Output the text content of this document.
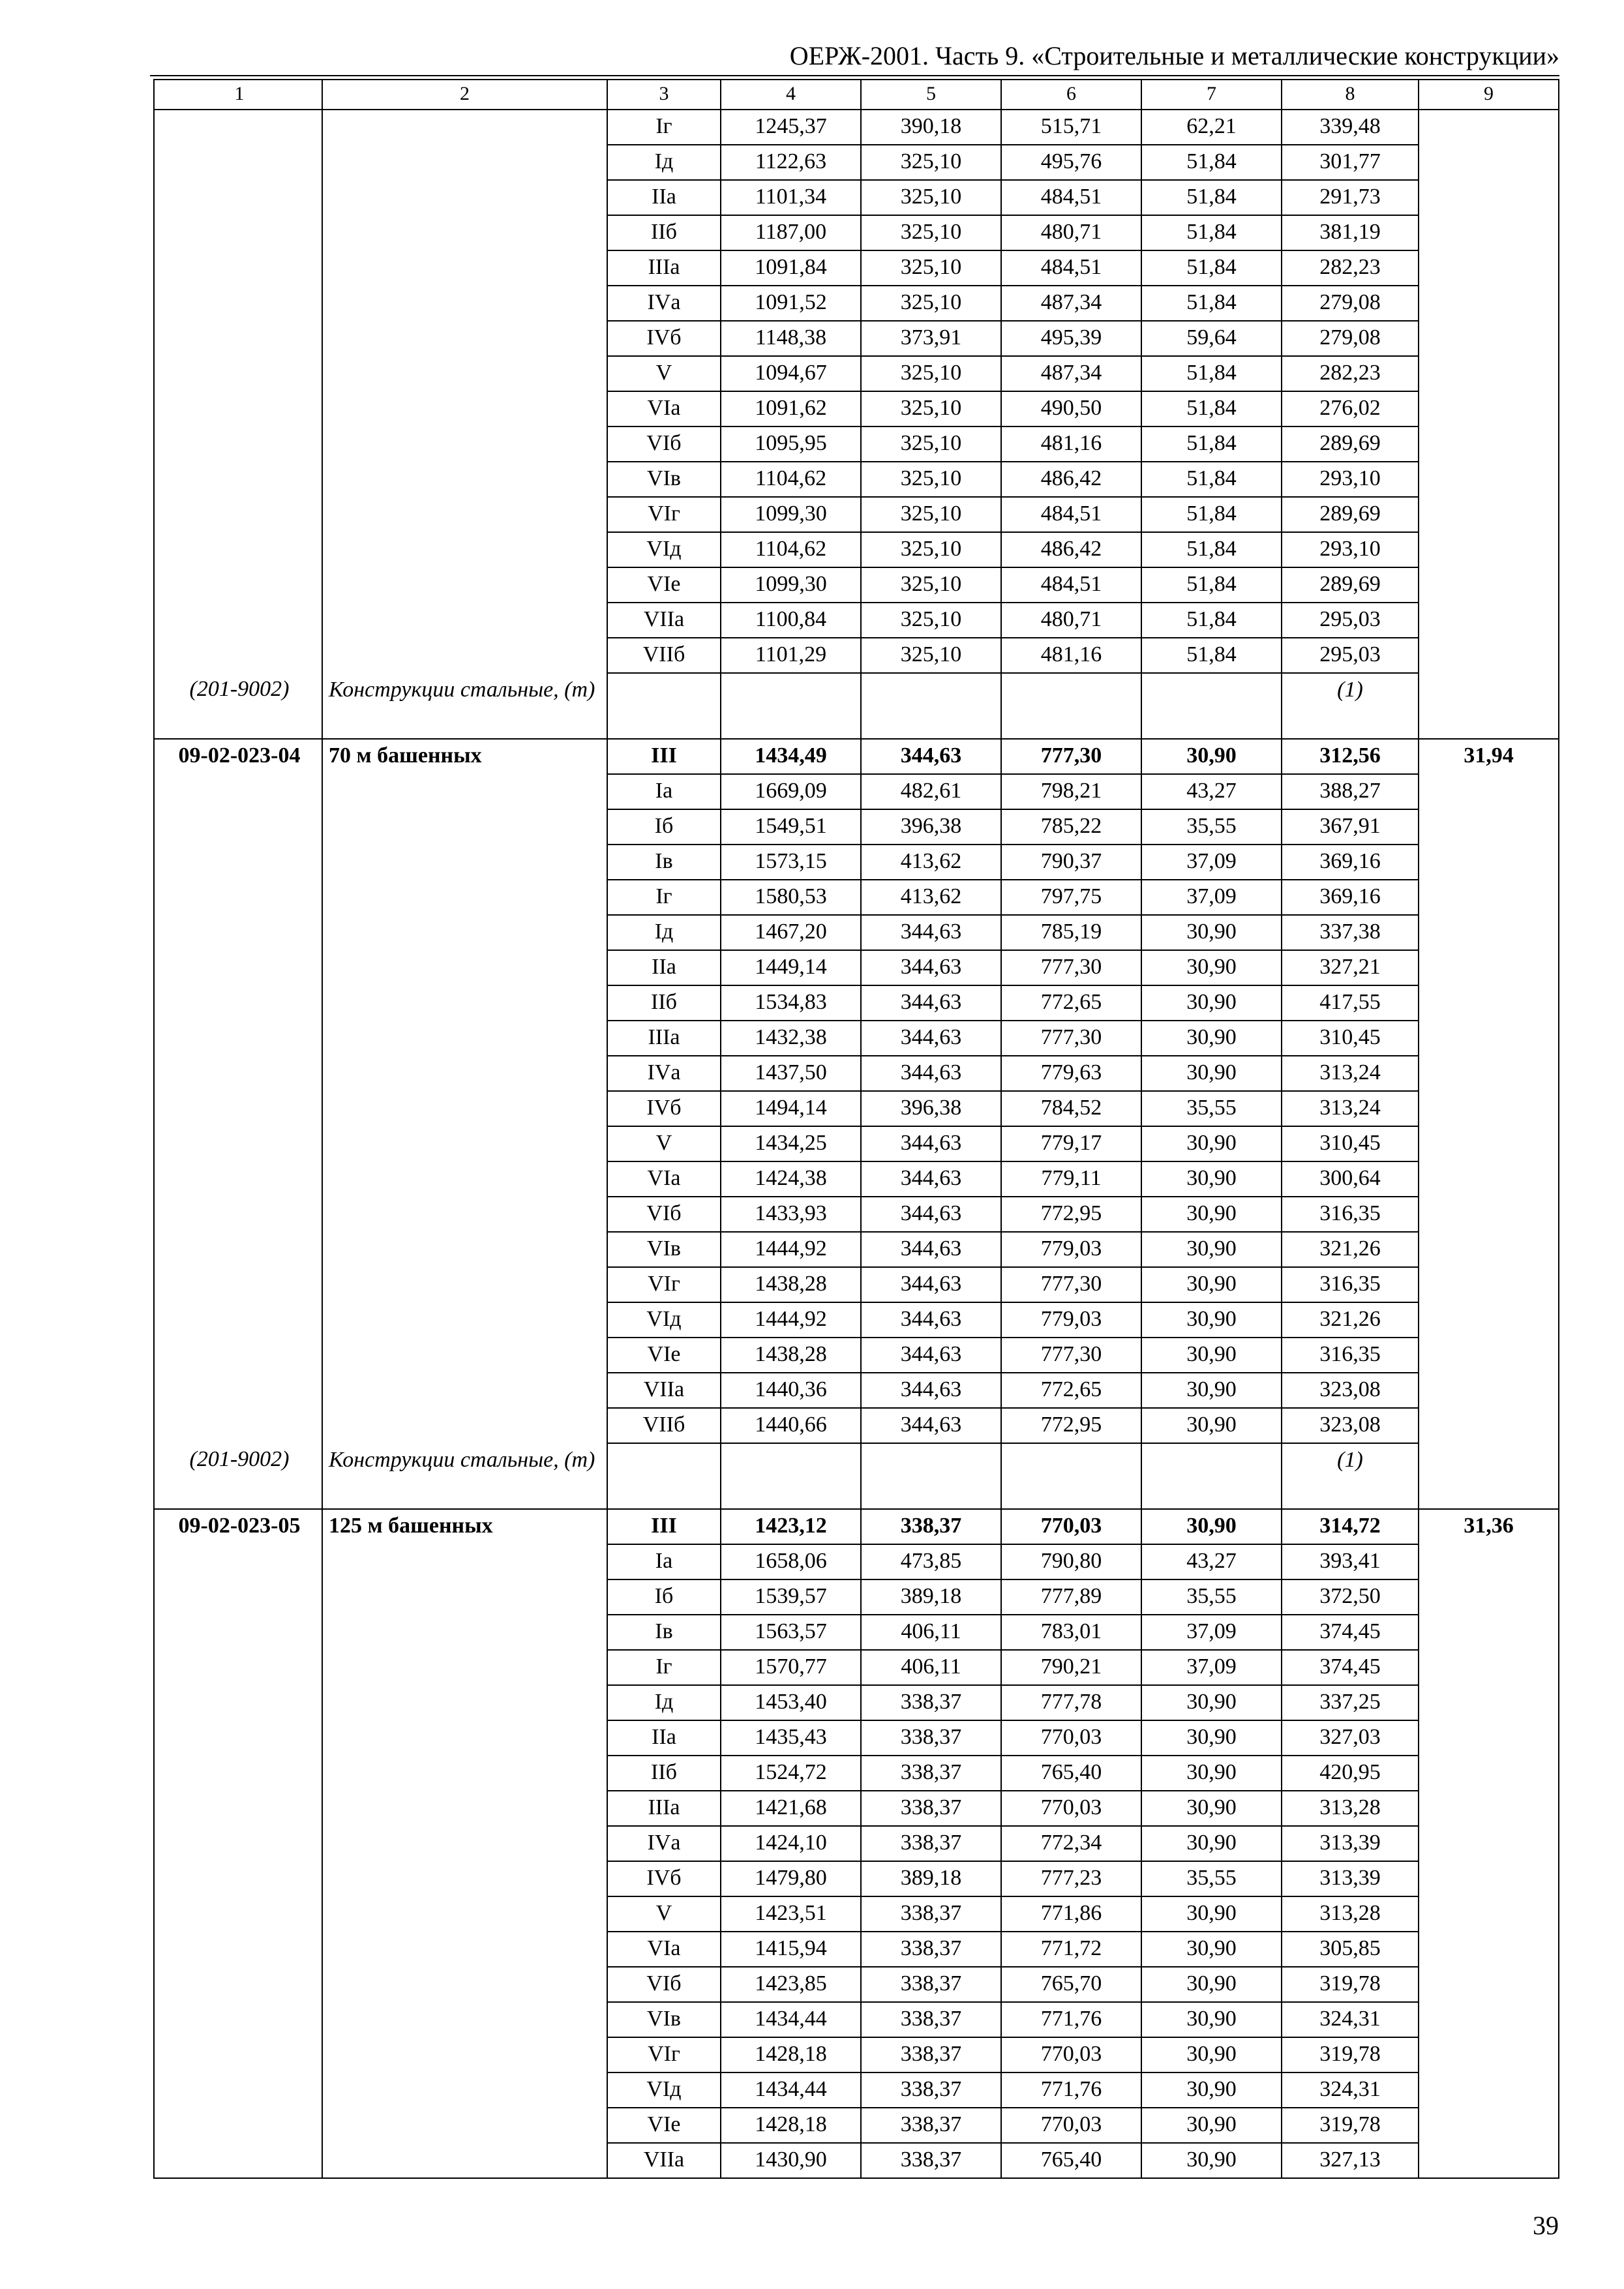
ОЕРЖ-2001. Часть 9. «Строительные и металлические конструкции»
1	2	3	4	5	6	7	8	9
		Iг	1245,37	390,18	515,71	62,21	339,48	
		Iд	1122,63	325,10	495,76	51,84	301,77	
		IIа	1101,34	325,10	484,51	51,84	291,73	
		IIб	1187,00	325,10	480,71	51,84	381,19	
		IIIа	1091,84	325,10	484,51	51,84	282,23	
		IVа	1091,52	325,10	487,34	51,84	279,08	
		IVб	1148,38	373,91	495,39	59,64	279,08	
		V	1094,67	325,10	487,34	51,84	282,23	
		VIа	1091,62	325,10	490,50	51,84	276,02	
		VIб	1095,95	325,10	481,16	51,84	289,69	
		VIв	1104,62	325,10	486,42	51,84	293,10	
		VIг	1099,30	325,10	484,51	51,84	289,69	
		VIд	1104,62	325,10	486,42	51,84	293,10	
		VIе	1099,30	325,10	484,51	51,84	289,69	
		VIIа	1100,84	325,10	480,71	51,84	295,03	
		VIIб	1101,29	325,10	481,16	51,84	295,03	
(201-9002)	Конструкции стальные, (т)						(1)	
09-02-023-04	70 м башенных	III	1434,49	344,63	777,30	30,90	312,56	31,94
		Iа	1669,09	482,61	798,21	43,27	388,27	
		Iб	1549,51	396,38	785,22	35,55	367,91	
		Iв	1573,15	413,62	790,37	37,09	369,16	
		Iг	1580,53	413,62	797,75	37,09	369,16	
		Iд	1467,20	344,63	785,19	30,90	337,38	
		IIа	1449,14	344,63	777,30	30,90	327,21	
		IIб	1534,83	344,63	772,65	30,90	417,55	
		IIIа	1432,38	344,63	777,30	30,90	310,45	
		IVа	1437,50	344,63	779,63	30,90	313,24	
		IVб	1494,14	396,38	784,52	35,55	313,24	
		V	1434,25	344,63	779,17	30,90	310,45	
		VIа	1424,38	344,63	779,11	30,90	300,64	
		VIб	1433,93	344,63	772,95	30,90	316,35	
		VIв	1444,92	344,63	779,03	30,90	321,26	
		VIг	1438,28	344,63	777,30	30,90	316,35	
		VIд	1444,92	344,63	779,03	30,90	321,26	
		VIе	1438,28	344,63	777,30	30,90	316,35	
		VIIа	1440,36	344,63	772,65	30,90	323,08	
		VIIб	1440,66	344,63	772,95	30,90	323,08	
(201-9002)	Конструкции стальные, (т)						(1)	
09-02-023-05	125 м башенных	III	1423,12	338,37	770,03	30,90	314,72	31,36
		Iа	1658,06	473,85	790,80	43,27	393,41	
		Iб	1539,57	389,18	777,89	35,55	372,50	
		Iв	1563,57	406,11	783,01	37,09	374,45	
		Iг	1570,77	406,11	790,21	37,09	374,45	
		Iд	1453,40	338,37	777,78	30,90	337,25	
		IIа	1435,43	338,37	770,03	30,90	327,03	
		IIб	1524,72	338,37	765,40	30,90	420,95	
		IIIа	1421,68	338,37	770,03	30,90	313,28	
		IVа	1424,10	338,37	772,34	30,90	313,39	
		IVб	1479,80	389,18	777,23	35,55	313,39	
		V	1423,51	338,37	771,86	30,90	313,28	
		VIа	1415,94	338,37	771,72	30,90	305,85	
		VIб	1423,85	338,37	765,70	30,90	319,78	
		VIв	1434,44	338,37	771,76	30,90	324,31	
		VIг	1428,18	338,37	770,03	30,90	319,78	
		VIд	1434,44	338,37	771,76	30,90	324,31	
		VIе	1428,18	338,37	770,03	30,90	319,78	
		VIIа	1430,90	338,37	765,40	30,90	327,13	
39
